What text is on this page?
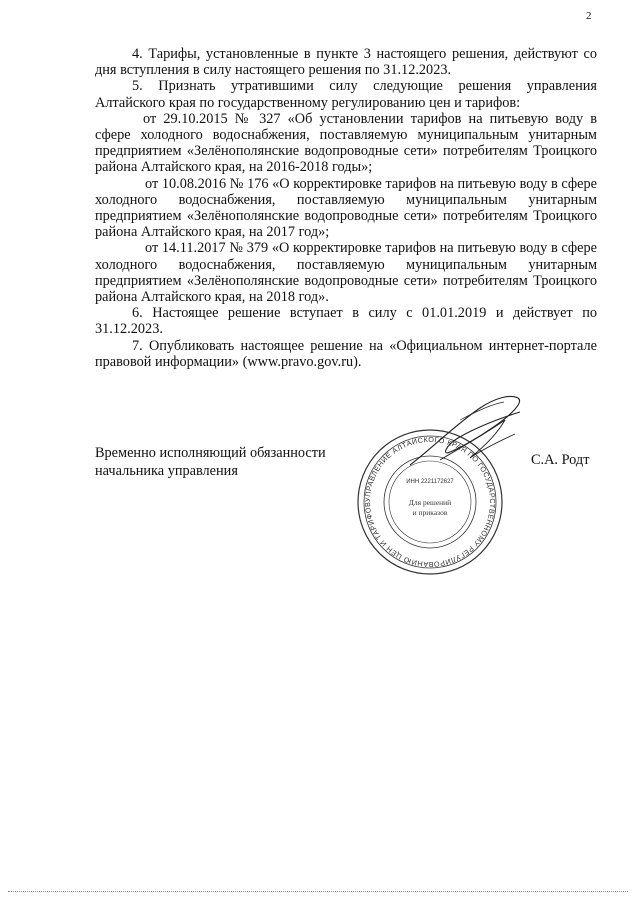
2

4. Тарифы, установленные в пункте 3 настоящего решения, действуют со дня вступления в силу настоящего решения по 31.12.2023.

5. Признать утратившими силу следующие решения управления Алтайского края по государственному регулированию цен и тарифов:

от 29.10.2015 № 327 «Об установлении тарифов на питьевую воду в сфере холодного водоснабжения, поставляемую муниципальным унитарным предприятием «Зелёнополянские водопроводные сети» потребителям Троицкого района Алтайского края, на 2016-2018 годы»;

от 10.08.2016 № 176 «О корректировке тарифов на питьевую воду в сфере холодного водоснабжения, поставляемую муниципальным унитарным предприятием «Зелёнополянские водопроводные сети» потребителям Троицкого района Алтайского края, на 2017 год»;

от 14.11.2017 № 379 «О корректировке тарифов на питьевую воду в сфере холодного водоснабжения, поставляемую муниципальным унитарным предприятием «Зелёнополянские водопроводные сети» потребителям Троицкого района Алтайского края, на 2018 год».

6. Настоящее решение вступает в силу с 01.01.2019 и действует по 31.12.2023.

7. Опубликовать настоящее решение на «Официальном интернет-портале правовой информации» (www.pravo.gov.ru).

Временно исполняющий обязанности
начальника управления
УПРАВЛЕНИЕ АЛТАЙСКОГО КРАЯ ПО ГОСУДАРСТВЕННОМУ РЕГУЛИРОВАНИЮ ЦЕН И ТАРИФОВ	Для решений
и приказов
ИНН 2221172627
С.А. Родт
